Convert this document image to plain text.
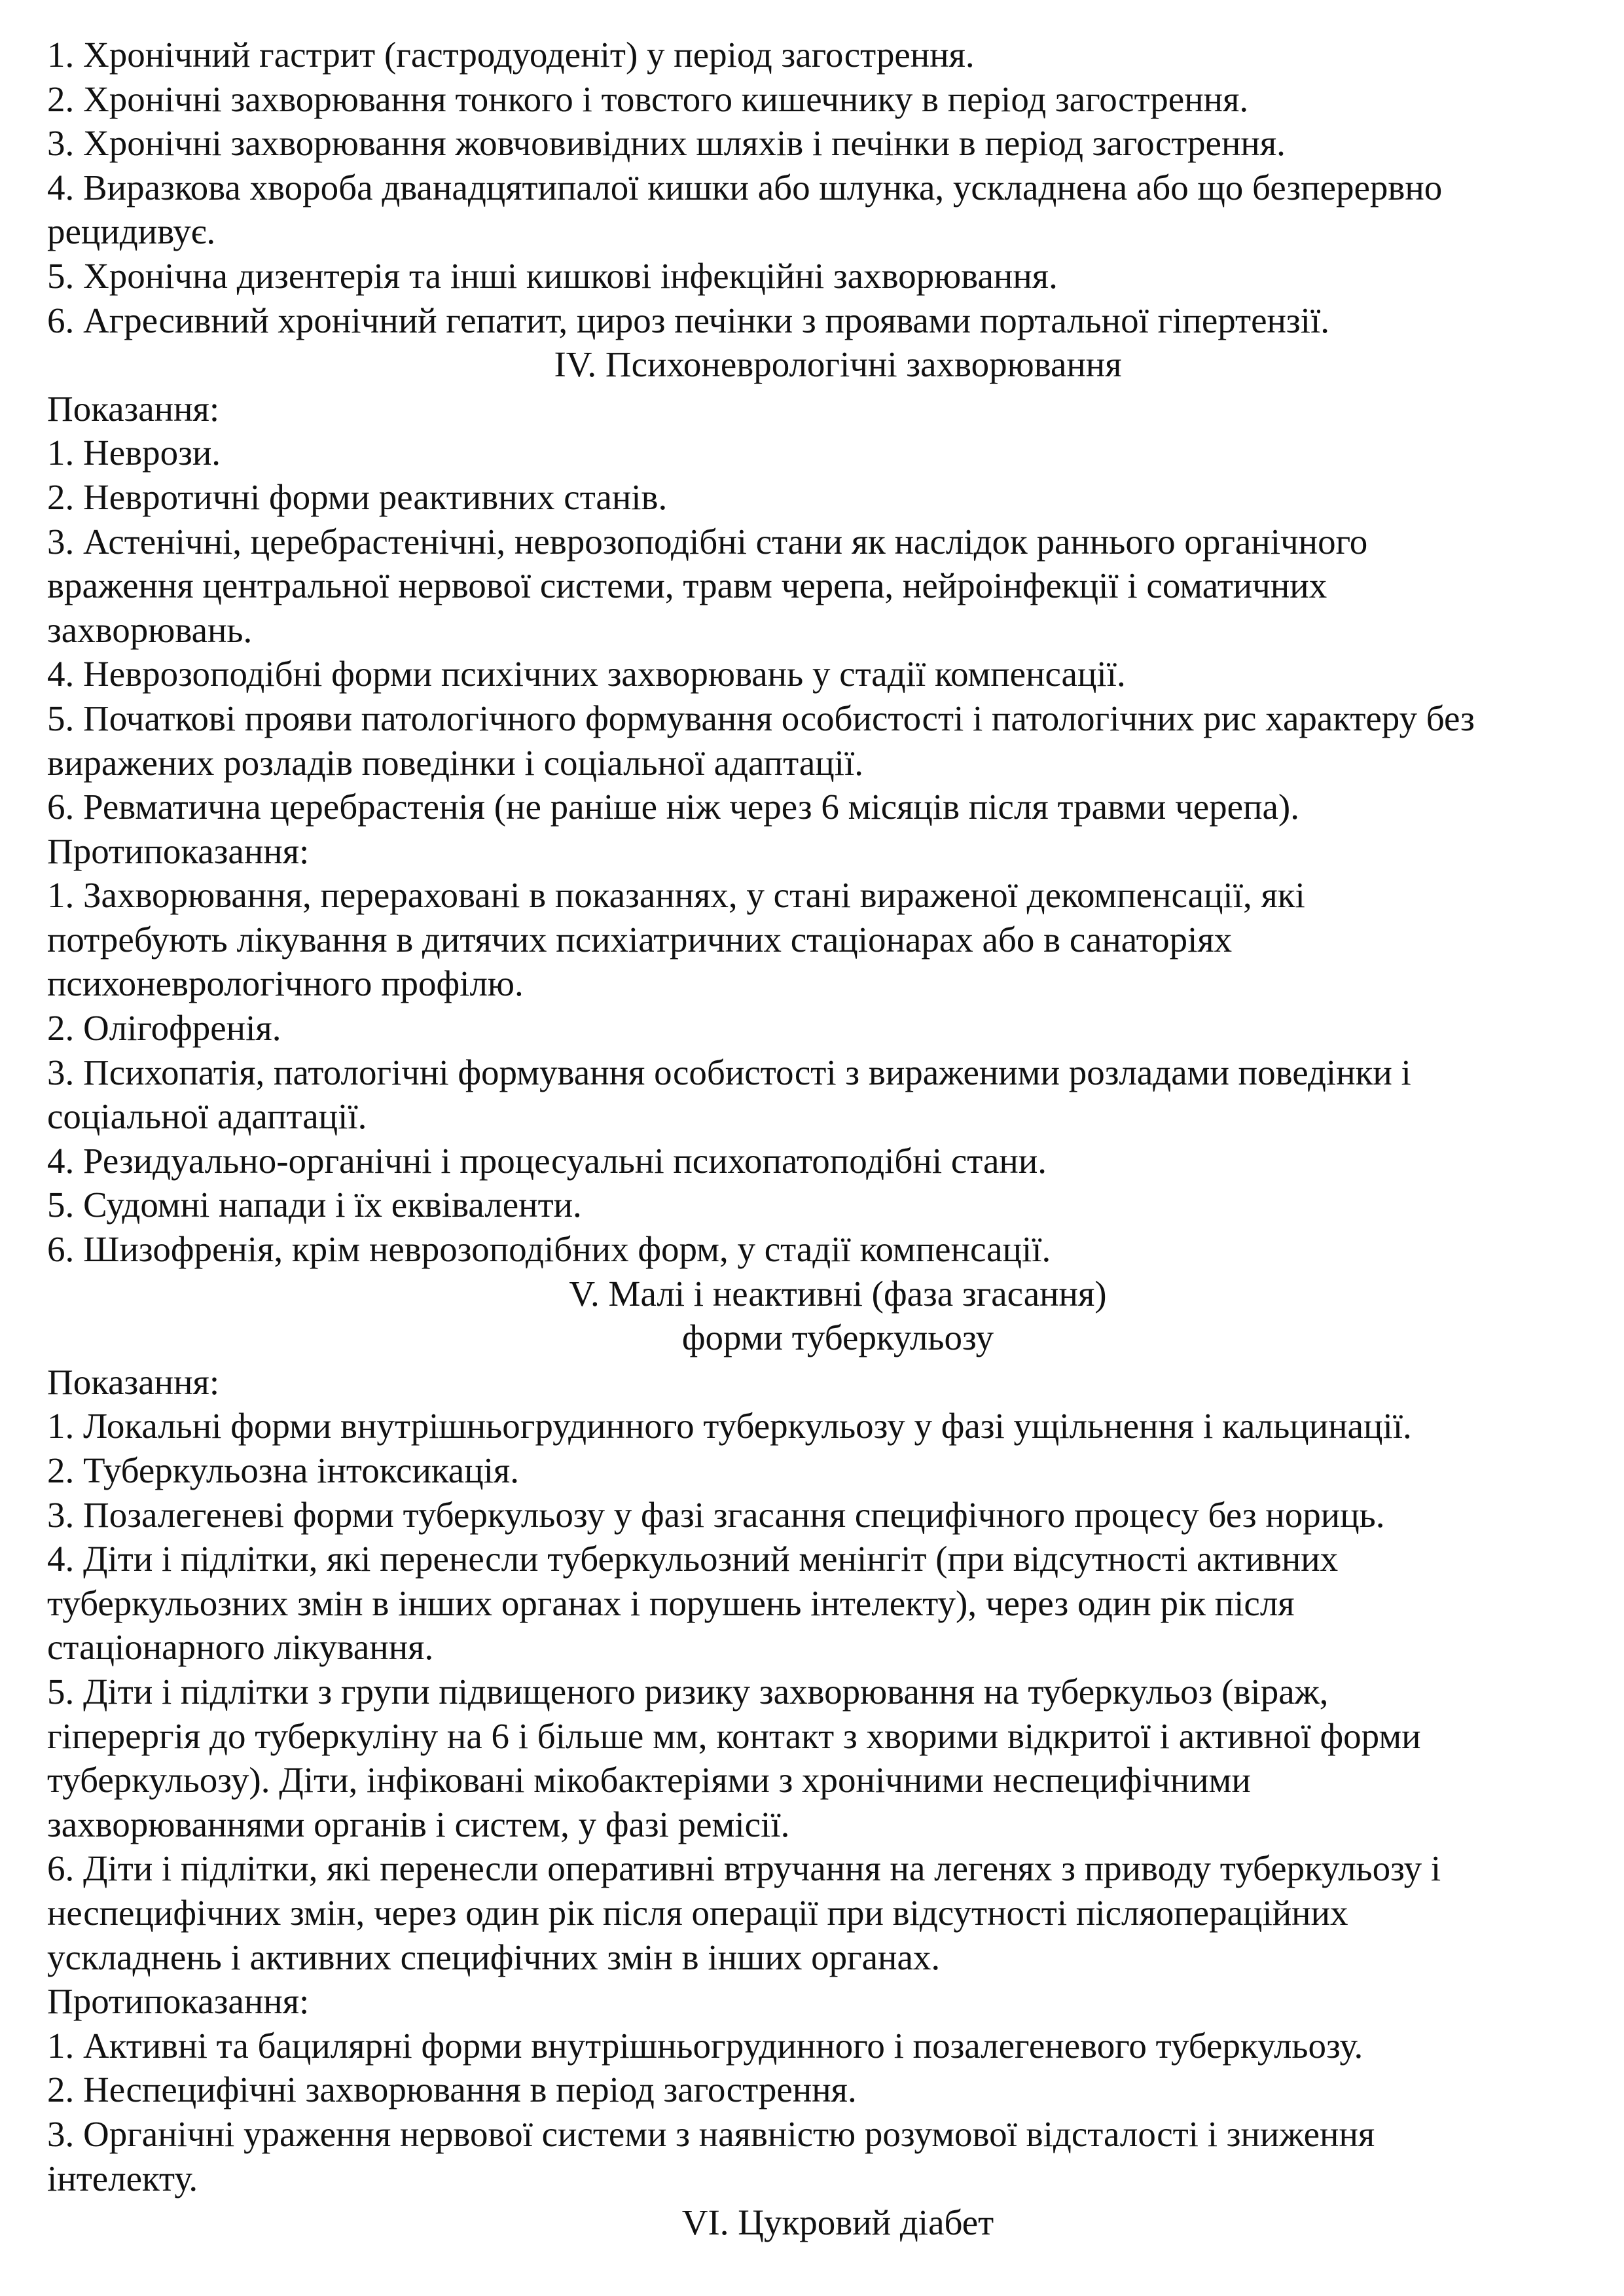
1. Хронічний гастрит (гастродуоденіт) у період загострення.
2. Хронічні захворювання тонкого і товстого кишечнику в період загострення.
3. Хронічні захворювання жовчовивідних шляхів і печінки в період загострення.
4. Виразкова хвороба дванадцятипалої кишки або шлунка, ускладнена або що безперервно
рецидивує.
5. Хронічна дизентерія та інші кишкові інфекційні захворювання.
6. Агресивний хронічний гепатит, цироз печінки з проявами портальної гіпертензії.
IV. Психоневрологічні захворювання
Показання:
1. Неврози.
2. Невротичні форми реактивних станів.
3. Астенічні, церебрастенічні, неврозоподібні стани як наслідок раннього органічного
враження центральної нервової системи, травм черепа, нейроінфекції і соматичних
захворювань.
4. Неврозоподібні форми психічних захворювань у стадії компенсації.
5. Початкові прояви патологічного формування особистості і патологічних рис характеру без
виражених розладів поведінки і соціальної адаптації.
6. Ревматична церебрастенія (не раніше ніж через 6 місяців після травми черепа).
Протипоказання:
1. Захворювання, перераховані в показаннях, у стані вираженої декомпенсації, які
потребують лікування в дитячих психіатричних стаціонарах або в санаторіях
психоневрологічного профілю.
2. Олігофренія.
3. Психопатія, патологічні формування особистості з вираженими розладами поведінки і
соціальної адаптації.
4. Резидуально-органічні і процесуальні психопатоподібні стани.
5. Судомні напади і їх еквіваленти.
6. Шизофренія, крім неврозоподібних форм, у стадії компенсації.
V. Малі і неактивні (фаза згасання)
форми туберкульозу
Показання:
1. Локальні форми внутрішньогрудинного туберкульозу у фазі ущільнення і кальцинації.
2. Туберкульозна інтоксикація.
3. Позалегеневі форми туберкульозу у фазі згасання специфічного процесу без нориць.
4. Діти і підлітки, які перенесли туберкульозний менінгіт (при відсутності активних
туберкульозних змін в інших органах і порушень інтелекту), через один рік після
стаціонарного лікування.
5. Діти і підлітки з групи підвищеного ризику захворювання на туберкульоз (віраж,
гіперергія до туберкуліну на 6 і більше мм, контакт з хворими відкритої і активної форми
туберкульозу). Діти, інфіковані мікобактеріями з хронічними неспецифічними
захворюваннями органів і систем, у фазі ремісії.
6. Діти і підлітки, які перенесли оперативні втручання на легенях з приводу туберкульозу і
неспецифічних змін, через один рік після операції при відсутності післяопераційних
ускладнень і активних специфічних змін в інших органах.
Протипоказання:
1. Активні та бацилярні форми внутрішньогрудинного і позалегеневого туберкульозу.
2. Неспецифічні захворювання в період загострення.
3. Органічні ураження нервової системи з наявністю розумової відсталості і зниження
інтелекту.
VI. Цукровий діабет
